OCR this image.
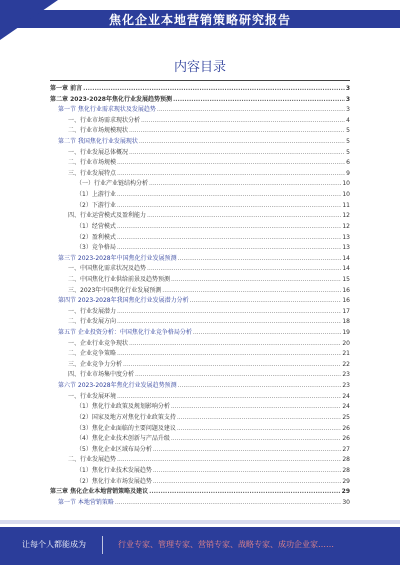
焦化企业本地营销策略研究报告
内容目录
第一章 前言 .....	3
第二章 2023-2028年焦化行业发展趋势预测 .....	3
第一节 焦化行业需求现状及发展趋势 .....	3
一、行业市场需求现状分析 .....	4
二、行业市场规模现状 .....	5
第二节 我国焦化行业发展现状 .....	5
一、行业发展总体概况 .....	5
二、行业市场规模 .....	6
三、行业发展特点 .....	9
（一）行业产业链结构分析 .....	10
（1）上游行业 .....	10
（2）下游行业 .....	11
四、行业运营模式及盈利能力 .....	12
（1）经营模式 .....	12
（2）盈利模式 .....	13
（3）竞争格局 .....	13
第三节 2023-2028年中国焦化行业发展预测 .....	14
一、中国焦化需求状况及趋势 .....	14
二、中国焦化行业供给前景及趋势预测 .....	15
三、2023年中国焦化行业发展预测 .....	16
第四节 2023-2028年我国焦化行业发展潜力分析 .....	16
一、行业发展潜力 .....	17
二、行业发展方向 .....	18
第五节 企业投资分析：中国焦化行业竞争格局分析 .....	19
一、企业行业竞争现状 .....	20
二、企业竞争策略 .....	21
三、企业竞争力分析 .....	22
四、行业市场集中度分析 .....	23
第六节 2023-2028年焦化行业发展趋势预测 .....	23
一、行业发展环境 .....	24
（1）焦化行业政策及规划影响分析 .....	24
（2）国家及地方对焦化行业政策支持 .....	25
（3）焦化企业面临的主要问题及建议 .....	26
（4）焦化企业技术创新与产品升级 .....	26
（5）焦化企业区域布局分析 .....	27
二、行业发展趋势 .....	28
（1）焦化行业技术发展趋势 .....	28
（2）焦化行业市场发展趋势 .....	29
第三章 焦化企业本地营销策略及建议 .....	29
第一节 本地营销策略 .....	30
让每个人都能成为	行业专家、管理专家、营销专家、战略专家、成功企业家……
